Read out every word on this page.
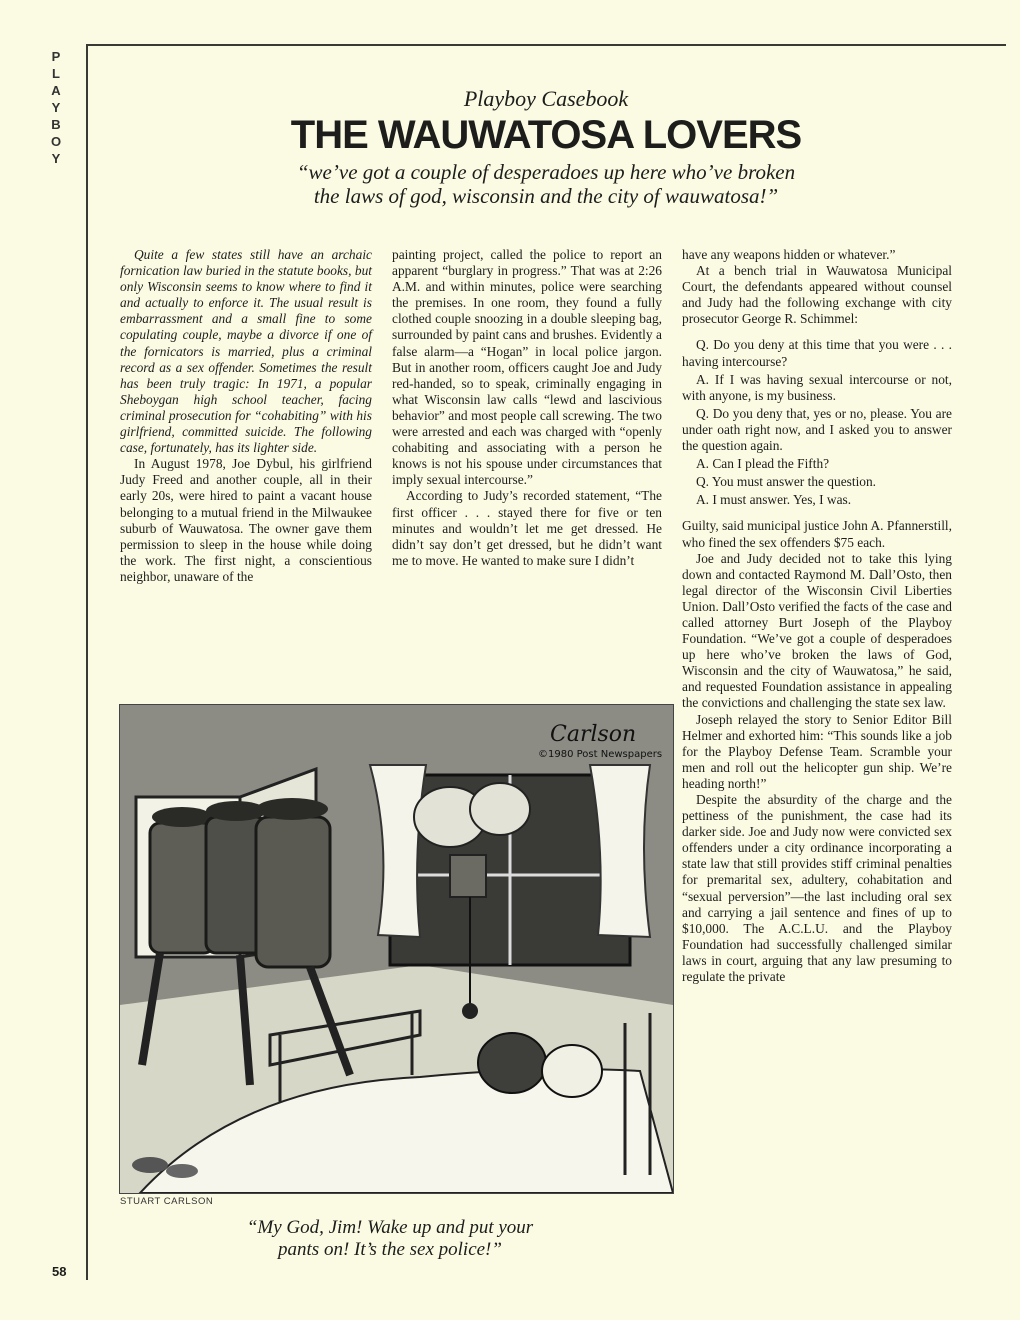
P
L
A
Y
B
O
Y
Playboy Casebook
THE WAUWATOSA LOVERS
“we’ve got a couple of desperadoes up here who’ve broken
the laws of god, wisconsin and the city of wauwatosa!”

Quite a few states still have an archaic fornication law buried in the statute books, but only Wisconsin seems to know where to find it and actually to enforce it. The usual result is embarrassment and a small fine to some copulating couple, maybe a divorce if one of the fornicators is married, plus a criminal record as a sex offender. Sometimes the result has been truly tragic: In 1971, a popular Sheboygan high school teacher, facing criminal prosecution for “cohabiting” with his girlfriend, committed suicide. The following case, fortunately, has its lighter side.

In August 1978, Joe Dybul, his girlfriend Judy Freed and another couple, all in their early 20s, were hired to paint a vacant house belonging to a mutual friend in the Milwaukee suburb of Wauwatosa. The owner gave them permission to sleep in the house while doing the work. The first night, a conscientious neighbor, unaware of the

painting project, called the police to report an apparent “burglary in progress.” That was at 2:26 A.M. and within minutes, police were searching the premises. In one room, they found a fully clothed couple snoozing in a double sleeping bag, surrounded by paint cans and brushes. Evidently a false alarm—a “Hogan” in local police jargon. But in another room, officers caught Joe and Judy red-handed, so to speak, criminally engaging in what Wisconsin law calls “lewd and lascivious behavior” and most people call screwing. The two were arrested and each was charged with “openly cohabiting and associating with a person he knows is not his spouse under circumstances that imply sexual intercourse.”

According to Judy’s recorded statement, “The first officer . . . stayed there for five or ten minutes and wouldn’t let me get dressed. He didn’t say don’t get dressed, but he didn’t want me to move. He wanted to make sure I didn’t

have any weapons hidden or whatever.”

At a bench trial in Wauwatosa Municipal Court, the defendants appeared without counsel and Judy had the following exchange with city prosecutor George R. Schimmel:

Q. Do you deny at this time that you were . . . having intercourse?

A. If I was having sexual intercourse or not, with anyone, is my business.

Q. Do you deny that, yes or no, please. You are under oath right now, and I asked you to answer the question again.

A. Can I plead the Fifth?

Q. You must answer the question.

A. I must answer. Yes, I was.

Guilty, said municipal justice John A. Pfannerstill, who fined the sex offenders $75 each.

Joe and Judy decided not to take this lying down and contacted Raymond M. Dall’Osto, then legal director of the Wisconsin Civil Liberties Union. Dall’Osto verified the facts of the case and called attorney Burt Joseph of the Playboy Foundation. “We’ve got a couple of desperadoes up here who’ve broken the laws of God, Wisconsin and the city of Wauwatosa,” he said, and requested Foundation assistance in appealing the convictions and challenging the state sex law.

Joseph relayed the story to Senior Editor Bill Helmer and exhorted him: “This sounds like a job for the Playboy Defense Team. Scramble your men and roll out the helicopter gun ship. We’re heading north!”

Despite the absurdity of the charge and the pettiness of the punishment, the case had its darker side. Joe and Judy now were convicted sex offenders under a city ordinance incorporating a state law that still provides stiff criminal penalties for premarital sex, adultery, cohabitation and “sexual perversion”—the last including oral sex and carrying a jail sentence and fines of up to $10,000. The A.C.L.U. and the Playboy Foundation had successfully challenged similar laws in court, arguing that any law presuming to regulate the private

Carlson
©1980 Post Newspapers
STUART CARLSON
“My God, Jim! Wake up and put your
pants on! It’s the sex police!”
58
